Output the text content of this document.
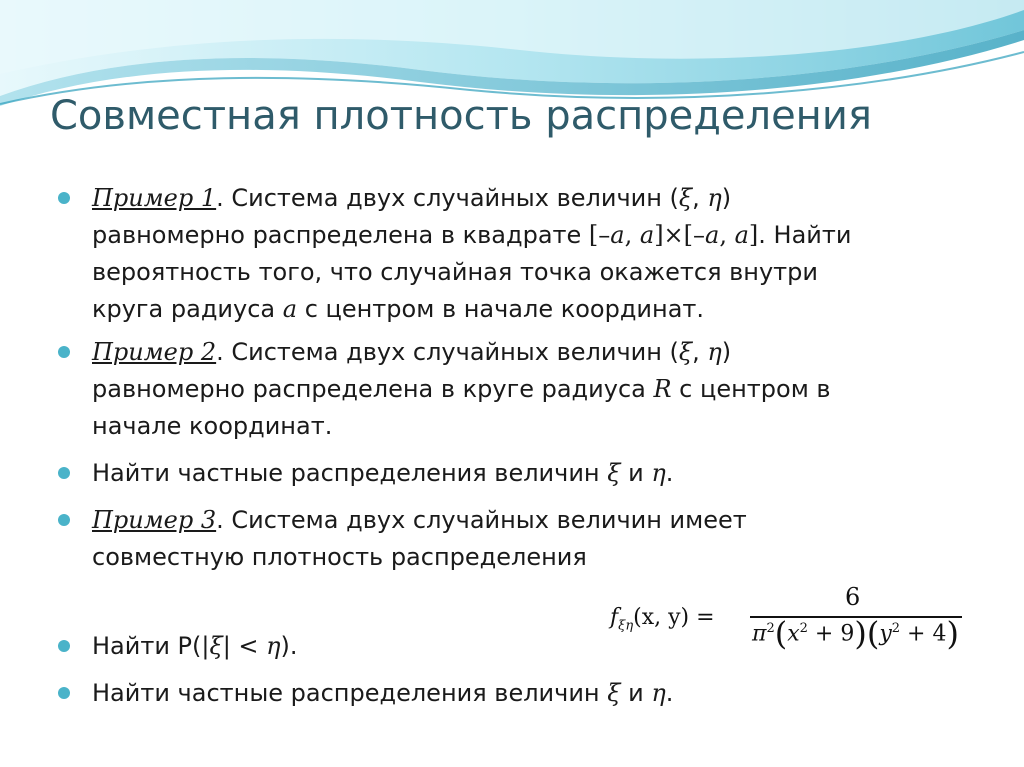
Совместная плотность распределения

Пример 1. Система двух случайных величин (ξ, η)
равномерно распределена в квадрате [–a, a]×[–a, a]. Найти
вероятность того, что случайная точка окажется внутри
круга радиуса a с центром в начале координат.

Пример 2. Система двух случайных величин (ξ, η)
равномерно распределена в круге радиуса R с центром в
начале координат.

Найти частные распределения величин ξ и η.

Пример 3. Система двух случайных величин имеет
совместную плотность распределения

Найти P(|ξ| < η).

Найти частные распределения величин ξ и η.

$f_{\xi\eta}(x$, y) =
6
$\pi^2(x^2 + 9)(y^2 + 4)$
